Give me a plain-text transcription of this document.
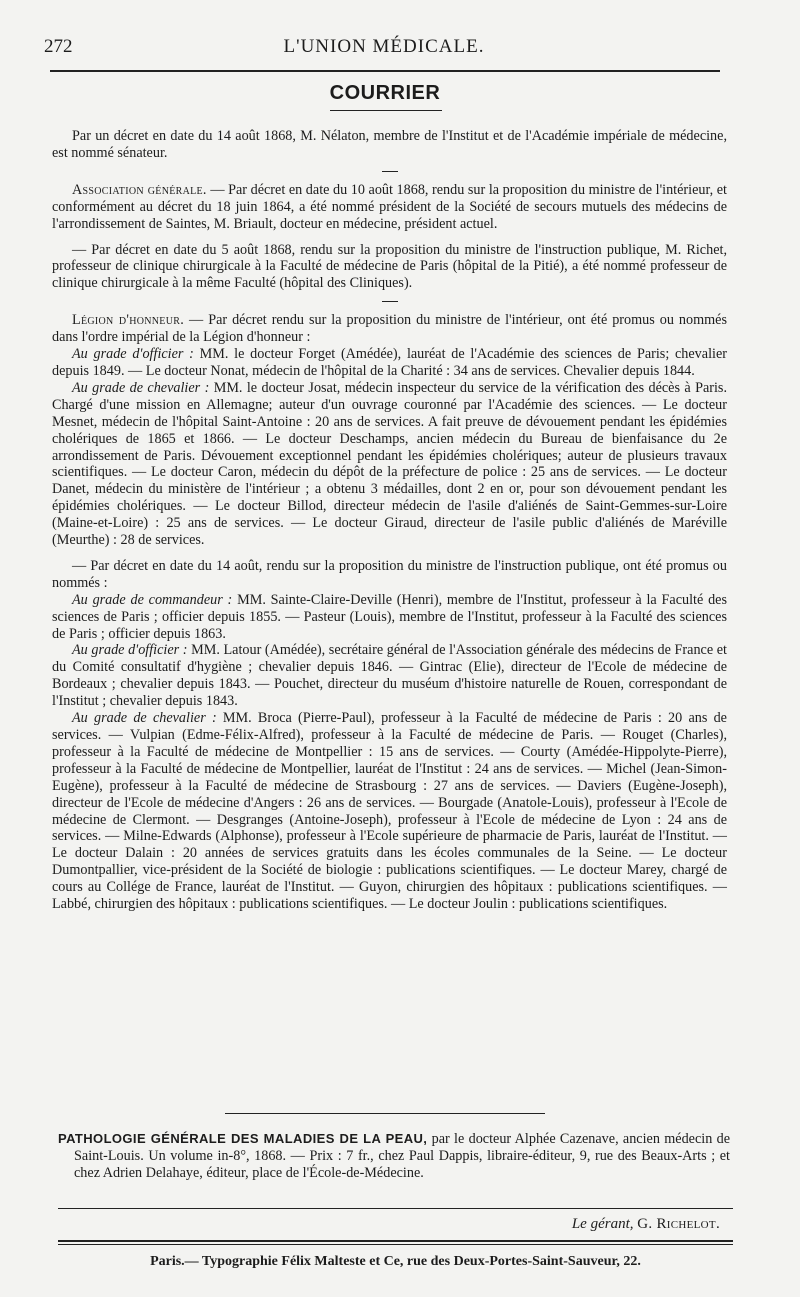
272	L'UNION MÉDICALE.
COURRIER

Par un décret en date du 14 août 1868, M. Nélaton, membre de l'Institut et de l'Académie impériale de médecine, est nommé sénateur.

Association générale. — Par décret en date du 10 août 1868, rendu sur la proposition du ministre de l'intérieur, et conformément au décret du 18 juin 1864, a été nommé président de la Société de secours mutuels des médecins de l'arrondissement de Saintes, M. Briault, docteur en médecine, président actuel.

— Par décret en date du 5 août 1868, rendu sur la proposition du ministre de l'instruction publique, M. Richet, professeur de clinique chirurgicale à la Faculté de médecine de Paris (hôpital de la Pitié), a été nommé professeur de clinique chirurgicale à la même Faculté (hôpital des Cliniques).

Légion d'honneur. — Par décret rendu sur la proposition du ministre de l'intérieur, ont été promus ou nommés dans l'ordre impérial de la Légion d'honneur :

Au grade d'officier : MM. le docteur Forget (Amédée), lauréat de l'Académie des sciences de Paris; chevalier depuis 1849. — Le docteur Nonat, médecin de l'hôpital de la Charité : 34 ans de services. Chevalier depuis 1844.

Au grade de chevalier : MM. le docteur Josat, médecin inspecteur du service de la vérification des décès à Paris. Chargé d'une mission en Allemagne; auteur d'un ouvrage couronné par l'Académie des sciences. — Le docteur Mesnet, médecin de l'hôpital Saint-Antoine : 20 ans de services. A fait preuve de dévouement pendant les épidémies cholériques de 1865 et 1866. — Le docteur Deschamps, ancien médecin du Bureau de bienfaisance du 2e arrondissement de Paris. Dévouement exceptionnel pendant les épidémies cholériques; auteur de plusieurs travaux scientifiques. — Le docteur Caron, médecin du dépôt de la préfecture de police : 25 ans de services. — Le docteur Danet, médecin du ministère de l'intérieur ; a obtenu 3 médailles, dont 2 en or, pour son dévouement pendant les épidémies cholériques. — Le docteur Billod, directeur médecin de l'asile d'aliénés de Saint-Gemmes-sur-Loire (Maine-et-Loire) : 25 ans de services. — Le docteur Giraud, directeur de l'asile public d'aliénés de Maréville (Meurthe) : 28 de services.

— Par décret en date du 14 août, rendu sur la proposition du ministre de l'instruction publique, ont été promus ou nommés :

Au grade de commandeur : MM. Sainte-Claire-Deville (Henri), membre de l'Institut, professeur à la Faculté des sciences de Paris ; officier depuis 1855. — Pasteur (Louis), membre de l'Institut, professeur à la Faculté des sciences de Paris ; officier depuis 1863.

Au grade d'officier : MM. Latour (Amédée), secrétaire général de l'Association générale des médecins de France et du Comité consultatif d'hygiène ; chevalier depuis 1846. — Gintrac (Elie), directeur de l'Ecole de médecine de Bordeaux ; chevalier depuis 1843. — Pouchet, directeur du muséum d'histoire naturelle de Rouen, correspondant de l'Institut ; chevalier depuis 1843.

Au grade de chevalier : MM. Broca (Pierre-Paul), professeur à la Faculté de médecine de Paris : 20 ans de services. — Vulpian (Edme-Félix-Alfred), professeur à la Faculté de médecine de Paris. — Rouget (Charles), professeur à la Faculté de médecine de Montpellier : 15 ans de services. — Courty (Amédée-Hippolyte-Pierre), professeur à la Faculté de médecine de Montpellier, lauréat de l'Institut : 24 ans de services. — Michel (Jean-Simon-Eugène), professeur à la Faculté de médecine de Strasbourg : 27 ans de services. — Daviers (Eugène-Joseph), directeur de l'Ecole de médecine d'Angers : 26 ans de services. — Bourgade (Anatole-Louis), professeur à l'Ecole de médecine de Clermont. — Desgranges (Antoine-Joseph), professeur à l'Ecole de médecine de Lyon : 24 ans de services. — Milne-Edwards (Alphonse), professeur à l'Ecole supérieure de pharmacie de Paris, lauréat de l'Institut. — Le docteur Dalain : 20 années de services gratuits dans les écoles communales de la Seine. — Le docteur Dumontpallier, vice-président de la Société de biologie : publications scientifiques. — Le docteur Marey, chargé de cours au Collége de France, lauréat de l'Institut. — Guyon, chirurgien des hôpitaux : publications scientifiques. — Labbé, chirurgien des hôpitaux : publications scientifiques. — Le docteur Joulin : publications scientifiques.

PATHOLOGIE GÉNÉRALE DES MALADIES DE LA PEAU, par le docteur Alphée Cazenave, ancien médecin de Saint-Louis. Un volume in-8°, 1868. — Prix : 7 fr., chez Paul Dappis, libraire-éditeur, 9, rue des Beaux-Arts ; et chez Adrien Delahaye, éditeur, place de l'École-de-Médecine.

Le gérant, G. Richelot.
Paris.— Typographie Félix Malteste et Ce, rue des Deux-Portes-Saint-Sauveur, 22.
